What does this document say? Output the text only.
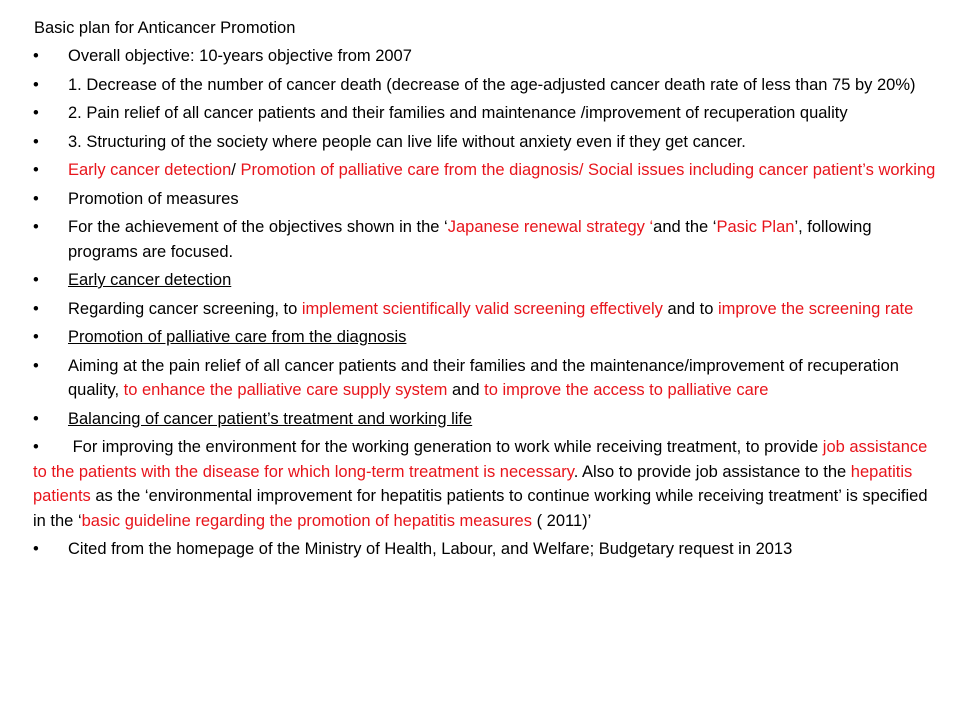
Basic plan for Anticancer Promotion
• Overall objective: 10-years objective from 2007
• 1. Decrease of the number of cancer death (decrease of the age-adjusted cancer death rate of less than 75 by 20%)
• 2. Pain relief of all cancer patients and their families and maintenance /improvement of recuperation quality
• 3. Structuring of the society where people can live life without anxiety even if they get cancer.
• Early cancer detection/ Promotion of palliative care from the diagnosis/ Social issues including cancer patient’s working
• Promotion of measures
• For the achievement of the objectives shown in the ‘Japanese renewal strategy ‘and the ‘Pasic Plan’, following programs are focused.
• Early cancer detection
• Regarding cancer screening, to implement scientifically valid screening effectively and to improve the screening rate
• Promotion of palliative care from the diagnosis
• Aiming at the pain relief of all cancer patients and their families and the maintenance/improvement of recuperation quality, to enhance the palliative care supply system and to improve the access to palliative care
• Balancing of cancer patient’s treatment and working life
• For improving the environment for the working generation to work while receiving treatment, to provide job assistance to the patients with the disease for which long-term treatment is necessary. Also to provide job assistance to the hepatitis patients as the ‘environmental improvement for hepatitis patients to continue working while receiving treatment’ is specified in the ‘basic guideline regarding the promotion of hepatitis measures ( 2011)’
• Cited from the homepage of the Ministry of Health, Labour, and Welfare; Budgetary request in 2013
